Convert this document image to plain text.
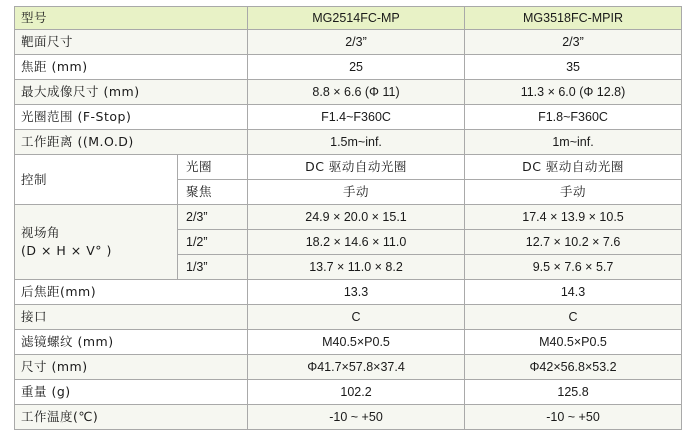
型号		MG2514FC-MP	MG3518FC-MPIR
靶面尺寸		2/3”	2/3”
焦距 (mm)		25	35
最大成像尺寸 (mm)		8.8 × 6.6 (Φ 11)	11.3 × 6.0 (Φ 12.8)
光圈范围 (F-Stop)		F1.4~F360C	F1.8~F360C
工作距离 ((M.O.D)		1.5m~inf.	1m~inf.
控制	光圈	DC 驱动自动光圈	DC 驱动自动光圈
	聚焦	手动	手动
视场角
(D × H × V° )	2/3”	24.9 × 20.0 × 15.1	17.4 × 13.9 × 10.5
	1/2”	18.2 × 14.6 × 11.0	12.7 × 10.2 × 7.6
	1/3”	13.7 × 11.0 × 8.2	9.5 × 7.6 × 5.7
后焦距(mm)		13.3	14.3
接口		C	C
滤镜螺纹 (mm)		M40.5×P0.5	M40.5×P0.5
尺寸 (mm)		Φ41.7×57.8×37.4	Φ42×56.8×53.2
重量 (g)		102.2	125.8
工作温度(℃)		-10 ~ +50	-10 ~ +50
